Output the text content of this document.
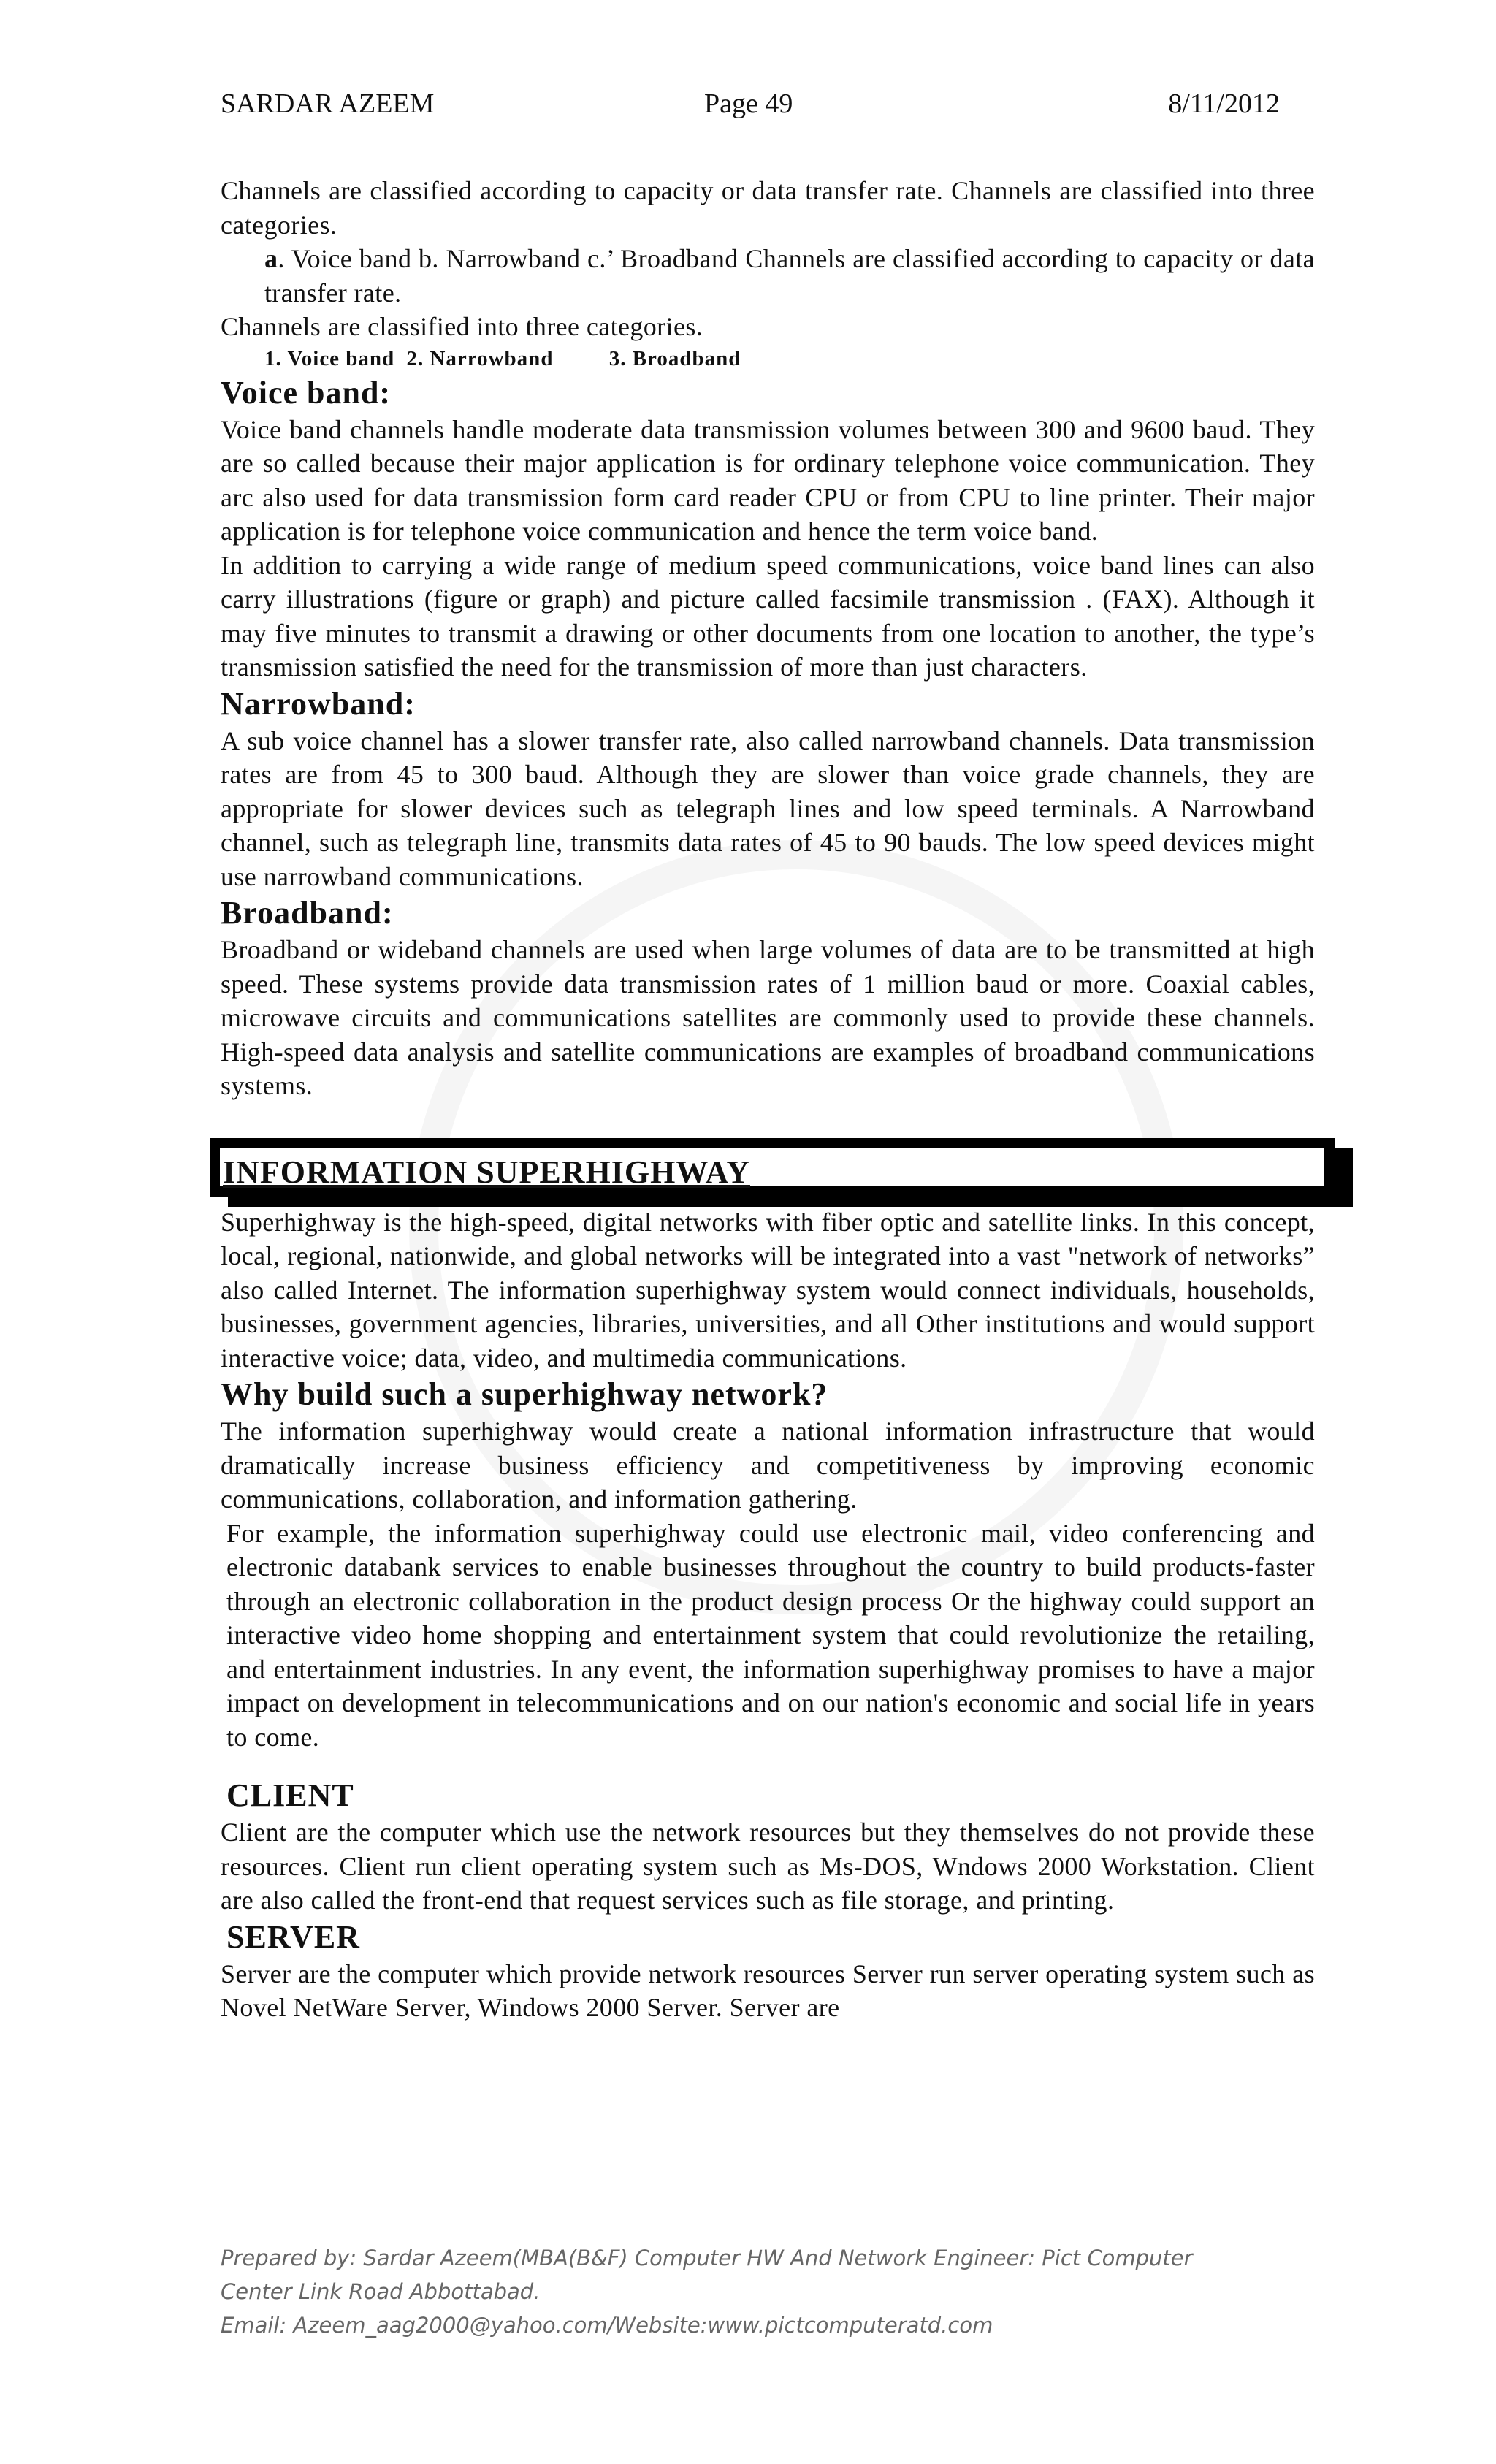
SARDAR AZEEM	Page 49	8/11/2012

Channels are classified according to capacity or data transfer rate. Channels are classified into three categories.

a. Voice band b. Narrowband c.’ Broadband Channels are classified according to capacity or data transfer rate.

Channels are classified into three categories.

1. Voice band 2. Narrowband	3. Broadband
Voice band:

Voice band channels handle moderate data transmission volumes between 300 and 9600 baud. They are so called because their major application is for ordinary telephone voice communication. They arc also used for data transmission form card reader CPU or from CPU to line printer. Their major application is for telephone voice communication and hence the term voice band.

In addition to carrying a wide range of medium speed communications, voice band lines can also carry illustrations (figure or graph) and picture called facsimile transmission . (FAX). Although it may five minutes to transmit a drawing or other documents from one location to another, the type’s transmission satisfied the need for the transmission of more than just characters.

Narrowband:

A sub voice channel has a slower transfer rate, also called narrowband channels. Data transmission rates are from 45 to 300 baud. Although they are slower than voice grade channels, they are appropriate for slower devices such as telegraph lines and low speed terminals. A Narrowband channel, such as telegraph line, transmits data rates of 45 to 90 bauds. The low speed devices might use narrowband communications.

Broadband:

Broadband or wideband channels are used when large volumes of data are to be transmitted at high speed. These systems provide data transmission rates of 1 million baud or more. Coaxial cables, microwave circuits and communications satellites are commonly used to provide these channels. High-speed data analysis and satellite communications are examples of broadband communications systems.

INFORMATION SUPERHIGHWAY

Superhighway is the high-speed, digital networks with fiber optic and satellite links. In this concept, local, regional, nationwide, and global networks will be integrated into a vast "network of networks” also called Internet. The information superhighway system would connect individuals, households, businesses, government agencies, libraries, universities, and all Other institutions and would support interactive voice; data, video, and multimedia communications.

Why build such a superhighway network?

The information superhighway would create a national information infrastructure that would dramatically increase business efficiency and competitiveness by improving economic communications, collaboration, and information gathering.

For example, the information superhighway could use electronic mail, video conferencing and electronic databank services to enable businesses throughout the country to build products-faster through an electronic collaboration in the product design process Or the highway could support an interactive video home shopping and entertainment system that could revolutionize the retailing, and entertainment industries. In any event, the information superhighway promises to have a major impact on development in telecommunications and on our nation's economic and social life in years to come.

CLIENT

Client are the computer which use the network resources but they themselves do not provide these resources. Client run client operating system such as Ms-DOS, Wndows 2000 Workstation. Client are also called the front-end that request services such as file storage, and printing.

SERVER

Server are the computer which provide network resources Server run server operating system such as Novel NetWare Server, Windows 2000 Server. Server are

Prepared by: Sardar Azeem(MBA(B&F) Computer HW And Network Engineer: Pict Computer
Center Link Road Abbottabad.
Email: Azeem_aag2000@yahoo.com/Website:www.pictcomputeratd.com
